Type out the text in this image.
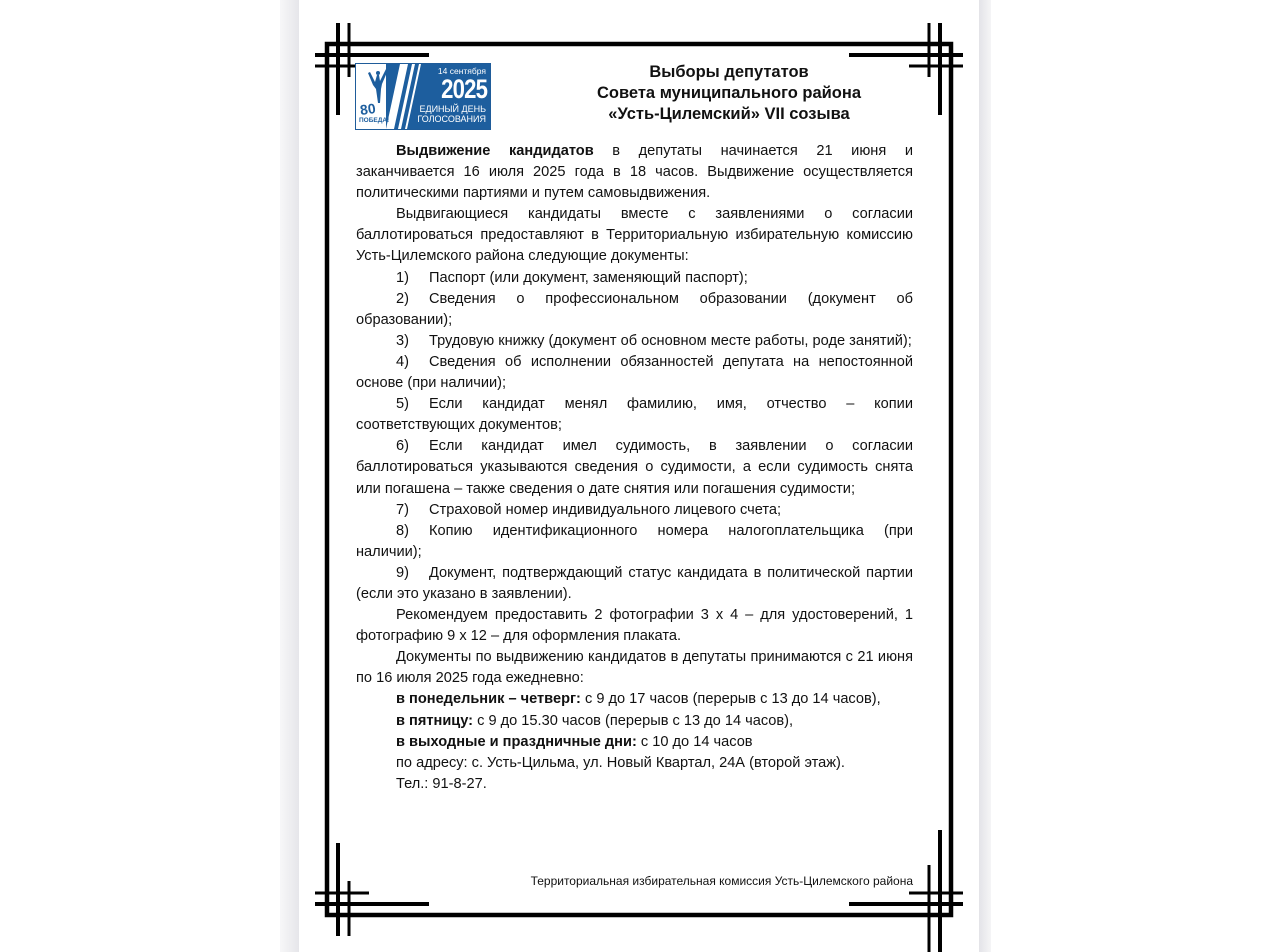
80
ПОБЕДА!
14 сентября
2025
ЕДИНЫЙ ДЕНЬ
ГОЛОСОВАНИЯ
Выборы депутатов
Совета муниципального района
«Усть-Цилемский» VII созыва

Выдвижение кандидатов в депутаты начинается 21 июня и заканчивается 16 июля 2025 года в 18 часов. Выдвижение осуществляется политическими партиями и путем самовыдвижения.

Выдвигающиеся кандидаты вместе с заявлениями о согласии баллотироваться предоставляют в Территориальную избирательную комиссию Усть-Цилемского района следующие документы:

1) Паспорт (или документ, заменяющий паспорт);

2) Сведения о профессиональном образовании (документ об образовании);

3) Трудовую книжку (документ об основном месте работы, роде занятий);

4) Сведения об исполнении обязанностей депутата на непостоянной основе (при наличии);

5) Если кандидат менял фамилию, имя, отчество – копии соответствующих документов;

6) Если кандидат имел судимость, в заявлении о согласии баллотироваться указываются сведения о судимости, а если судимость снята или погашена – также сведения о дате снятия или погашения судимости;

7) Страховой номер индивидуального лицевого счета;

8) Копию идентификационного номера налогоплательщика (при наличии);

9) Документ, подтверждающий статус кандидата в политической партии (если это указано в заявлении).

Рекомендуем предоставить 2 фотографии 3 х 4 – для удостоверений, 1 фотографию 9 х 12 – для оформления плаката.

Документы по выдвижению кандидатов в депутаты принимаются с 21 июня по 16 июля 2025 года ежедневно:

в понедельник – четверг: с 9 до 17 часов (перерыв с 13 до 14 часов),

в пятницу: с 9 до 15.30 часов (перерыв с 13 до 14 часов),

в выходные и праздничные дни: с 10 до 14 часов

по адресу: с. Усть-Цильма, ул. Новый Квартал, 24А (второй этаж).

Тел.: 91-8-27.

Территориальная избирательная комиссия Усть-Цилемского района
